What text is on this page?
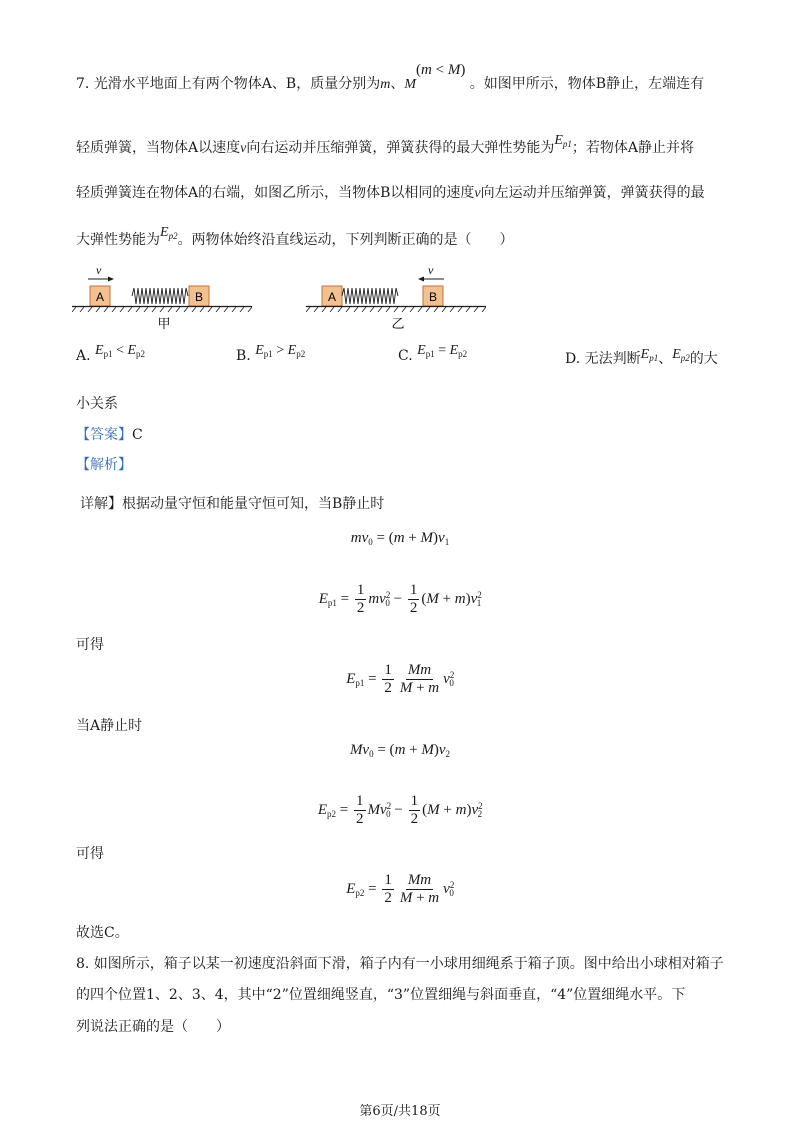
7. 光滑水平地面上有两个物体A、B，质量分别为m、M(m < M) 。如图甲所示，物体B静止，左端连有
轻质弹簧，当物体A以速度v向右运动并压缩弹簧，弹簧获得的最大弹性势能为$E_{p1}$；若物体A静止并将
轻质弹簧连在物体A的右端，如图乙所示，当物体B以相同的速度v向左运动并压缩弹簧，弹簧获得的最
大弹性势能为$E_{p2}$。两物体始终沿直线运动，下列判断正确的是（　　）
v
A	B
甲
v
A	B
乙
A. $E_{p1} < E_{p2}$	B. $E_{p1} > E_{p2}$	C. $E_{p1} = E_{p2}$	D. 无法判断$E_{p1}$、$E_{p2}$的大
小关系
【答案】C
【解析】
详解】根据动量守恒和能量守恒可知，当B静止时
$mv_0 = (m + M)v_1$
$E_{p1} = \frac{1}{2} mv^2_0 - \frac{1}{2} (M + m)v^2_1$
可得
$E_{p1} = \frac{1}{2} \frac{Mm}{M + m} v^2_0$
当A静止时
$Mv_0 = (m + M)v_2$
$E_{p2} = \frac{1}{2} Mv^2_0 - \frac{1}{2} (M + m)v^2_2$
可得
$E_{p2} = \frac{1}{2} \frac{Mm}{M + m} v^2_0$
故选C。
8. 如图所示，箱子以某一初速度沿斜面下滑，箱子内有一小球用细绳系于箱子顶。图中给出小球相对箱子
的四个位置1、2、3、4，其中“2”位置细绳竖直，“3”位置细绳与斜面垂直，“4”位置细绳水平。下
列说法正确的是（　　）
第6页/共18页
